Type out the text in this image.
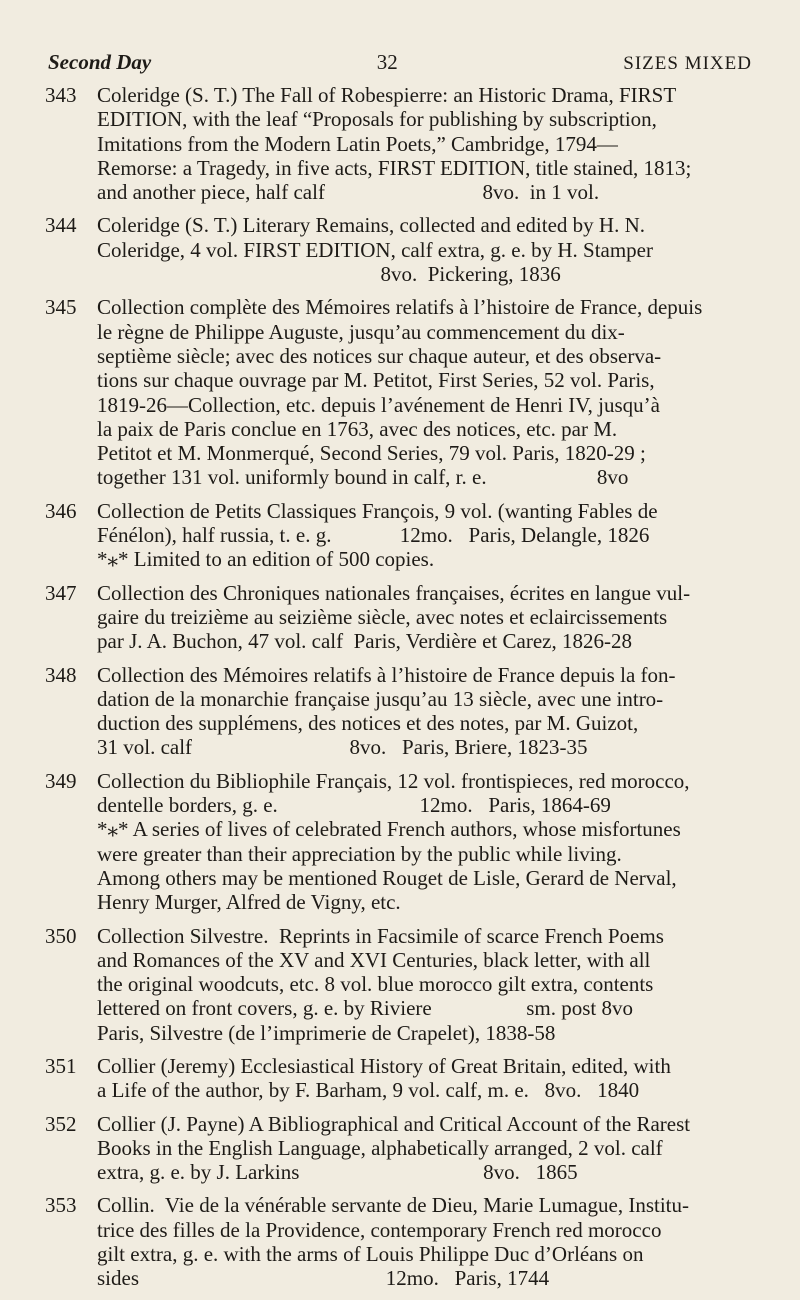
Second Day	32	SIZES MIXED
343 Coleridge (S. T.) The Fall of Robespierre: an Historic Drama, FIRST
EDITION, with the leaf “Proposals for publishing by subscription,
Imitations from the Modern Latin Poets,” Cambridge, 1794—
Remorse: a Tragedy, in five acts, FIRST EDITION, title stained, 1813;
and another piece, half calf                              8vo.  in 1 vol.
344 Coleridge (S. T.) Literary Remains, collected and edited by H. N.
Coleridge, 4 vol. FIRST EDITION, calf extra, g. e. by H. Stamper
8vo.  Pickering, 1836
345 Collection complète des Mémoires relatifs à l’histoire de France, depuis
le règne de Philippe Auguste, jusqu’au commencement du dix-
septième siècle; avec des notices sur chaque auteur, et des observa-
tions sur chaque ouvrage par M. Petitot, First Series, 52 vol. Paris,
1819-26—Collection, etc. depuis l’avénement de Henri IV, jusqu’à
la paix de Paris conclue en 1763, avec des notices, etc. par M.
Petitot et M. Monmerqué, Second Series, 79 vol. Paris, 1820-29 ;
together 131 vol. uniformly bound in calf, r. e.                     8vo
346 Collection de Petits Classiques François, 9 vol. (wanting Fables de
Fénélon), half russia, t. e. g.             12mo.   Paris, Delangle, 1826
*⁎* Limited to an edition of 500 copies.
347 Collection des Chroniques nationales françaises, écrites en langue vul-
gaire du treizième au seizième siècle, avec notes et eclaircissements
par J. A. Buchon, 47 vol. calf  Paris, Verdière et Carez, 1826-28
348 Collection des Mémoires relatifs à l’histoire de France depuis la fon-
dation de la monarchie française jusqu’au 13 siècle, avec une intro-
duction des supplémens, des notices et des notes, par M. Guizot,
31 vol. calf                              8vo.   Paris, Briere, 1823-35
349 Collection du Bibliophile Français, 12 vol. frontispieces, red morocco,
dentelle borders, g. e.                           12mo.   Paris, 1864-69
*⁎* A series of lives of celebrated French authors, whose misfortunes
were greater than their appreciation by the public while living.
Among others may be mentioned Rouget de Lisle, Gerard de Nerval,
Henry Murger, Alfred de Vigny, etc.
350 Collection Silvestre.  Reprints in Facsimile of scarce French Poems
and Romances of the XV and XVI Centuries, black letter, with all
the original woodcuts, etc. 8 vol. blue morocco gilt extra, contents
lettered on front covers, g. e. by Riviere                  sm. post 8vo
Paris, Silvestre (de l’imprimerie de Crapelet), 1838-58
351 Collier (Jeremy) Ecclesiastical History of Great Britain, edited, with
a Life of the author, by F. Barham, 9 vol. calf, m. e.   8vo.   1840
352 Collier (J. Payne) A Bibliographical and Critical Account of the Rarest
Books in the English Language, alphabetically arranged, 2 vol. calf
extra, g. e. by J. Larkins                                   8vo.   1865
353 Collin.  Vie de la vénérable servante de Dieu, Marie Lumague, Institu-
trice des filles de la Providence, contemporary French red morocco
gilt extra, g. e. with the arms of Louis Philippe Duc d’Orléans on
sides                                               12mo.   Paris, 1744
